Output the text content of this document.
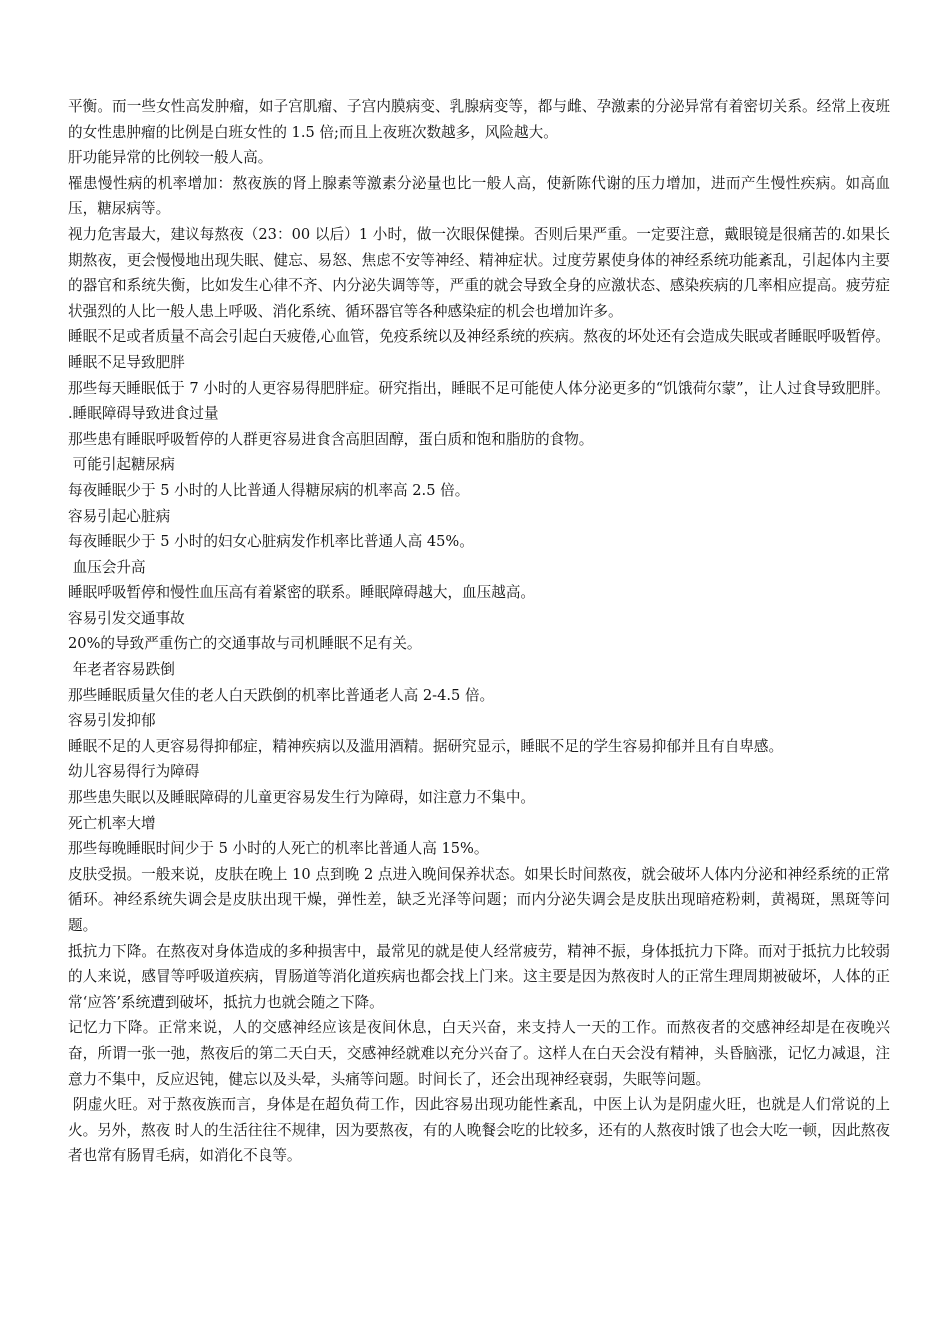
平衡。而一些女性高发肿瘤，如子宫肌瘤、子宫内膜病变、乳腺病变等，都与雌、孕激素的分泌异常有着密切关系。经常上夜班的女性患肿瘤的比例是白班女性的 1.5 倍;而且上夜班次数越多，风险越大。

肝功能异常的比例较一般人高。

罹患慢性病的机率增加：熬夜族的肾上腺素等激素分泌量也比一般人高，使新陈代谢的压力增加，进而产生慢性疾病。如高血压，糖尿病等。

视力危害最大，建议每熬夜（23：00 以后）1 小时，做一次眼保健操。否则后果严重。一定要注意，戴眼镜是很痛苦的.如果长期熬夜，更会慢慢地出现失眠、健忘、易怒、焦虑不安等神经、精神症状。过度劳累使身体的神经系统功能紊乱，引起体内主要的器官和系统失衡，比如发生心律不齐、内分泌失调等等，严重的就会导致全身的应激状态、感染疾病的几率相应提高。疲劳症状强烈的人比一般人患上呼吸、消化系统、循环器官等各种感染症的机会也增加许多。

睡眠不足或者质量不高会引起白天疲倦,心血管，免疫系统以及神经系统的疾病。熬夜的坏处还有会造成失眠或者睡眠呼吸暂停。

睡眠不足导致肥胖

那些每天睡眠低于 7 小时的人更容易得肥胖症。研究指出，睡眠不足可能使人体分泌更多的“饥饿荷尔蒙”，让人过食导致肥胖。

.睡眠障碍导致进食过量

那些患有睡眠呼吸暂停的人群更容易进食含高胆固醇，蛋白质和饱和脂肪的食物。

可能引起糖尿病

每夜睡眠少于 5 小时的人比普通人得糖尿病的机率高 2.5 倍。

容易引起心脏病

每夜睡眠少于 5 小时的妇女心脏病发作机率比普通人高 45%。

血压会升高

睡眠呼吸暂停和慢性血压高有着紧密的联系。睡眠障碍越大，血压越高。

容易引发交通事故

20%的导致严重伤亡的交通事故与司机睡眠不足有关。

年老者容易跌倒

那些睡眠质量欠佳的老人白天跌倒的机率比普通老人高 2-4.5 倍。

容易引发抑郁

睡眠不足的人更容易得抑郁症，精神疾病以及滥用酒精。据研究显示，睡眠不足的学生容易抑郁并且有自卑感。

幼儿容易得行为障碍

那些患失眠以及睡眠障碍的儿童更容易发生行为障碍，如注意力不集中。

死亡机率大增

那些每晚睡眠时间少于 5 小时的人死亡的机率比普通人高 15%。

皮肤受损。一般来说，皮肤在晚上 10 点到晚 2 点进入晚间保养状态。如果长时间熬夜，就会破坏人体内分泌和神经系统的正常循环。神经系统失调会是皮肤出现干燥，弹性差，缺乏光泽等问题；而内分泌失调会是皮肤出现暗疮粉刺，黄褐斑，黑斑等问题。

抵抗力下降。在熬夜对身体造成的多种损害中，最常见的就是使人经常疲劳，精神不振，身体抵抗力下降。而对于抵抗力比较弱的人来说，感冒等呼吸道疾病，胃肠道等消化道疾病也都会找上门来。这主要是因为熬夜时人的正常生理周期被破坏，人体的正常‘应答’系统遭到破坏，抵抗力也就会随之下降。

记忆力下降。正常来说，人的交感神经应该是夜间休息，白天兴奋，来支持人一天的工作。而熬夜者的交感神经却是在夜晚兴奋，所谓一张一弛，熬夜后的第二天白天，交感神经就难以充分兴奋了。这样人在白天会没有精神，头昏脑涨，记忆力减退，注意力不集中，反应迟钝，健忘以及头晕，头痛等问题。时间长了，还会出现神经衰弱，失眠等问题。

阴虚火旺。对于熬夜族而言，身体是在超负荷工作，因此容易出现功能性紊乱，中医上认为是阴虚火旺，也就是人们常说的上火。另外，熬夜 时人的生活往往不规律，因为要熬夜，有的人晚餐会吃的比较多，还有的人熬夜时饿了也会大吃一顿，因此熬夜者也常有肠胃毛病，如消化不良等。
